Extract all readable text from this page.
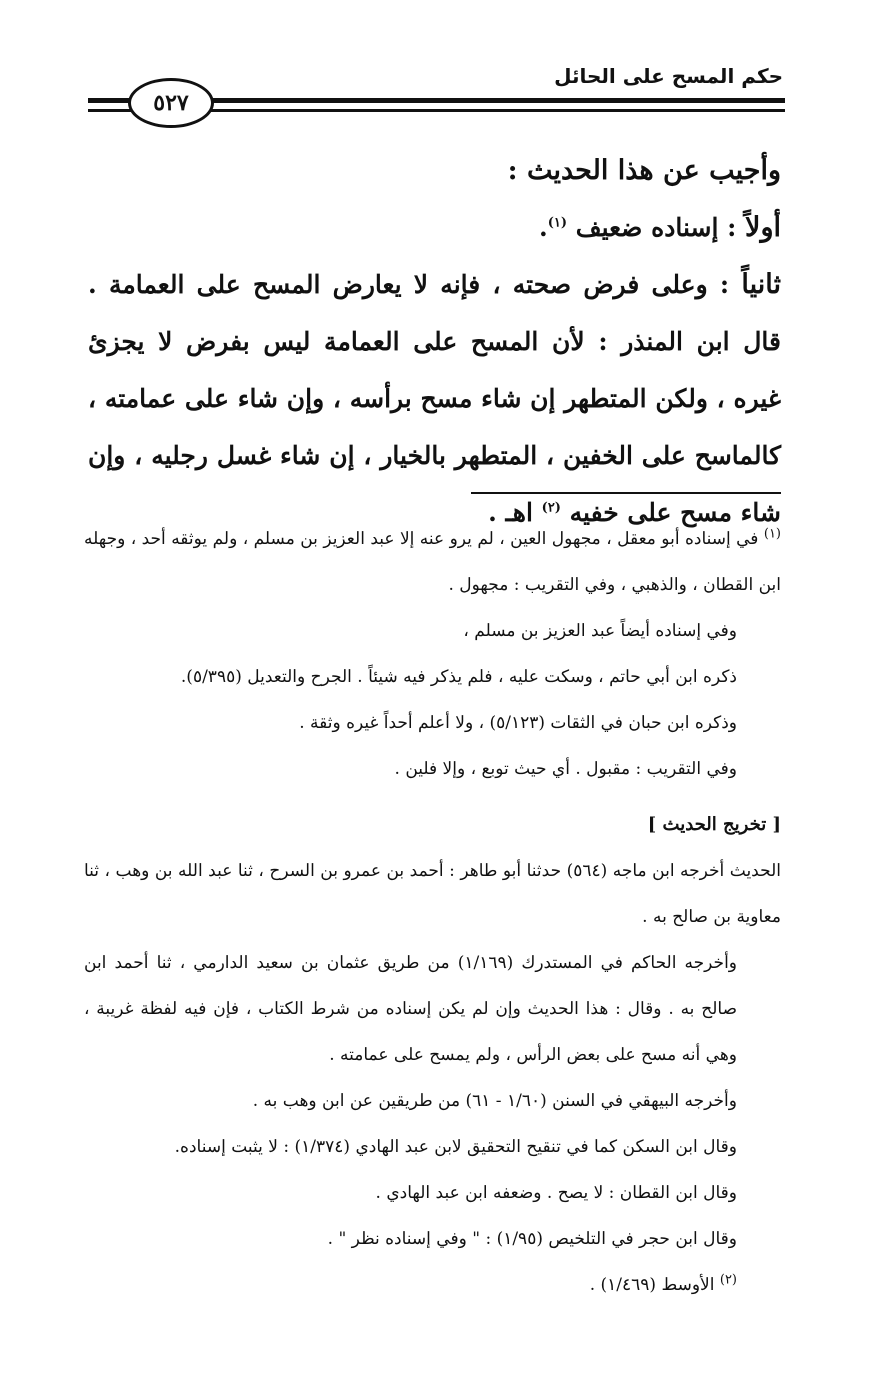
حكم المسح على الحائل
٥٢٧

وأجيب عن هذا الحديث :

أولاً : إسناده ضعيف $^{(١)}$.

ثانياً : وعلى فرض صحته ، فإنه لا يعارض المسح على العمامة . قال ابن المنذر : لأن المسح على العمامة ليس بفرض لا يجزئ غيره ، ولكن المتطهر إن شاء مسح برأسه ، وإن شاء على عمامته ، كالماسح على الخفين ، المتطهر بالخيار ، إن شاء غسل رجليه ، وإن شاء مسح على خفيه $^{(٢)}$ اهـ .

$^{(١)}$ في إسناده أبو معقل ، مجهول العين ، لم يرو عنه إلا عبد العزيز بن مسلم ، ولم يوثقه أحد ، وجهله ابن القطان ، والذهبي ، وفي التقريب : مجهول .

وفي إسناده أيضاً عبد العزيز بن مسلم ،

ذكره ابن أبي حاتم ، وسكت عليه ، فلم يذكر فيه شيئاً . الجرح والتعديل (٥/٣٩٥).

وذكره ابن حبان في الثقات (٥/١٢٣) ، ولا أعلم أحداً غيره وثقة .

وفي التقريب : مقبول . أي حيث توبع ، وإلا فلين .

[ تخريج الحديث ]

الحديث أخرجه ابن ماجه (٥٦٤) حدثنا أبو طاهر : أحمد بن عمرو بن السرح ، ثنا عبد الله بن وهب ، ثنا معاوية بن صالح به .

وأخرجه الحاكم في المستدرك (١/١٦٩) من طريق عثمان بن سعيد الدارمي ، ثنا أحمد ابن صالح به . وقال : هذا الحديث وإن لم يكن إسناده من شرط الكتاب ، فإن فيه لفظة غريبة ، وهي أنه مسح على بعض الرأس ، ولم يمسح على عمامته .

وأخرجه البيهقي في السنن (١/٦٠ - ٦١) من طريقين عن ابن وهب به .

وقال ابن السكن كما في تنقيح التحقيق لابن عبد الهادي (١/٣٧٤) : لا يثبت إسناده.

وقال ابن القطان : لا يصح . وضعفه ابن عبد الهادي .

وقال ابن حجر في التلخيص (١/٩٥) : " وفي إسناده نظر " .

$^{(٢)}$ الأوسط (١/٤٦٩) .
